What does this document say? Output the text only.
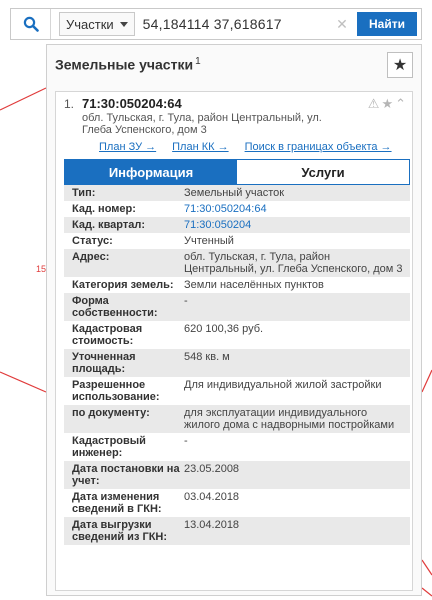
15
Участки
54,184114 37,618617	✕	Найти
Земельные участки $^1$	★
1. 71:30:050204:64
обл. Тульская, г. Тула, район Центральный, ул. Глеба Успенского, дом 3
⚠ ★ ⌃
План ЗУ → План КК → Поиск в границах объекта →
Информация	Услуги
Тип:	Земельный участок
Кад. номер:	71:30:050204:64
Кад. квартал:	71:30:050204
Статус:	Учтенный
Адрес:	обл. Тульская, г. Тула, район Центральный, ул. Глеба Успенского, дом 3
Категория земель: Земли населённых пунктов
Форма собственности:
-
Кадастровая стоимость:
620 100,36 руб.
Уточненная площадь:
548 кв. м
Разрешенное использование:
Для индивидуальной жилой застройки
по документу:	для эксплуатации индивидуального жилого дома с надворными постройками
Кадастровый инженер:
-
Дата постановки на учет:
23.05.2008
Дата изменения сведений в ГКН:
03.04.2018
Дата выгрузки сведений из ГКН:
13.04.2018
